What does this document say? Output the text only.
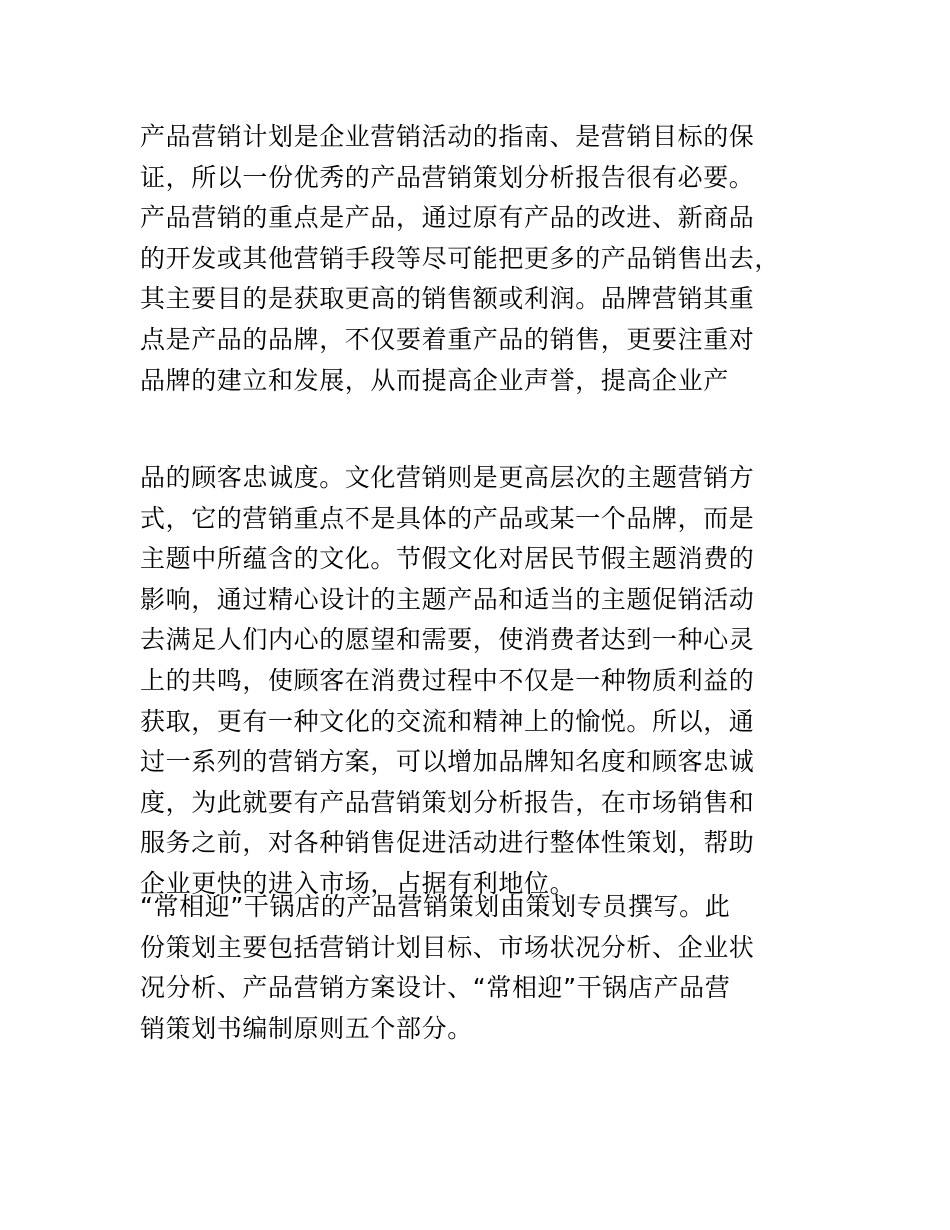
产品营销计划是企业营销活动的指南、是营销目标的保
证，所以一份优秀的产品营销策划分析报告很有必要。
产品营销的重点是产品，通过原有产品的改进、新商品
的开发或其他营销手段等尽可能把更多的产品销售出去，
其主要目的是获取更高的销售额或利润。品牌营销其重
点是产品的品牌，不仅要着重产品的销售，更要注重对
品牌的建立和发展，从而提高企业声誉，提高企业产
品的顾客忠诚度。文化营销则是更高层次的主题营销方
式，它的营销重点不是具体的产品或某一个品牌，而是
主题中所蕴含的文化。节假文化对居民节假主题消费的
影响，通过精心设计的主题产品和适当的主题促销活动
去满足人们内心的愿望和需要，使消费者达到一种心灵
上的共鸣，使顾客在消费过程中不仅是一种物质利益的
获取，更有一种文化的交流和精神上的愉悦。所以，通
过一系列的营销方案，可以增加品牌知名度和顾客忠诚
度，为此就要有产品营销策划分析报告，在市场销售和
服务之前，对各种销售促进活动进行整体性策划，帮助
企业更快的进入市场，占据有利地位。
“常相迎”干锅店的产品营销策划由策划专员撰写。此
份策划主要包括营销计划目标、市场状况分析、企业状
况分析、产品营销方案设计、“常相迎”干锅店产品营
销策划书编制原则五个部分。
